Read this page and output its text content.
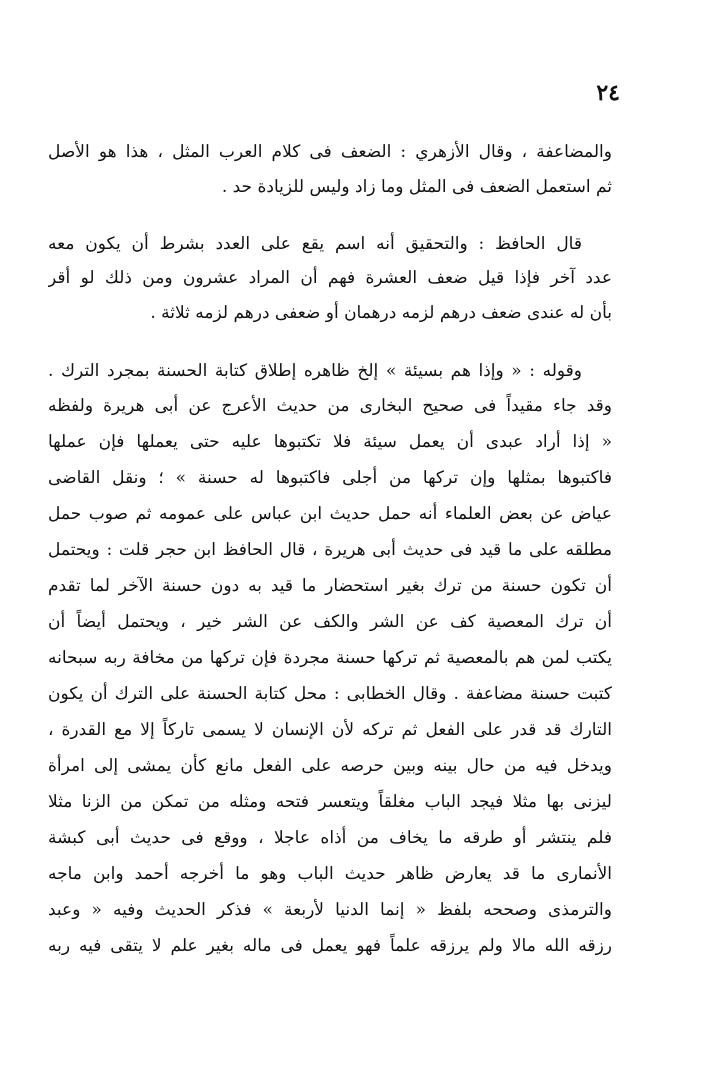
٢٤
والمضاعفة ، وقال الأزهري : الضعف فى كلام العرب المثل ، هذا هو الأصل
ثم استعمل الضعف فى المثل وما زاد وليس للزيادة حد .
قال الحافظ : والتحقيق أنه اسم يقع على العدد بشرط أن يكون معه
عدد آخر فإذا قيل ضعف العشرة فهم أن المراد عشرون ومن ذلك لو أقر
بأن له عندى ضعف درهم لزمه درهمان أو ضعفى درهم لزمه ثلاثة .
وقوله : « وإذا هم بسيئة » إلخ ظاهره إطلاق كتابة الحسنة بمجرد الترك .
وقد جاء مقيداً فى صحيح البخارى من حديث الأعرج عن أبى هريرة ولفظه
« إذا أراد عبدى أن يعمل سيئة فلا تكتبوها عليه حتى يعملها فإن عملها
فاكتبوها بمثلها وإن تركها من أجلى فاكتبوها له حسنة » ؛ ونقل القاضى
عياض عن بعض العلماء أنه حمل حديث ابن عباس على عمومه ثم صوب حمل
مطلقه على ما قيد فى حديث أبى هريرة ، قال الحافظ ابن حجر قلت : ويحتمل
أن تكون حسنة من ترك بغير استحضار ما قيد به دون حسنة الآخر لما تقدم
أن ترك المعصية كف عن الشر والكف عن الشر خير ، ويحتمل أيضاً أن
يكتب لمن هم بالمعصية ثم تركها حسنة مجردة فإن تركها من مخافة ربه سبحانه
كتبت حسنة مضاعفة . وقال الخطابى : محل كتابة الحسنة على الترك أن يكون
التارك قد قدر على الفعل ثم تركه لأن الإنسان لا يسمى تاركاً إلا مع القدرة ،
ويدخل فيه من حال بينه وبين حرصه على الفعل مانع كأن يمشى إلى امرأة
ليزنى بها مثلا فيجد الباب مغلقاً ويتعسر فتحه ومثله من تمكن من الزنا مثلا
فلم ينتشر أو طرقه ما يخاف من أذاه عاجلا ، ووقع فى حديث أبى كبشة
الأنمارى ما قد يعارض ظاهر حديث الباب وهو ما أخرجه أحمد وابن ماجه
والترمذى وصححه بلفظ « إنما الدنيا لأربعة » فذكر الحديث وفيه « وعبد
رزقه الله مالا ولم يرزقه علماً فهو يعمل فى ماله بغير علم لا يتقى فيه ربه
